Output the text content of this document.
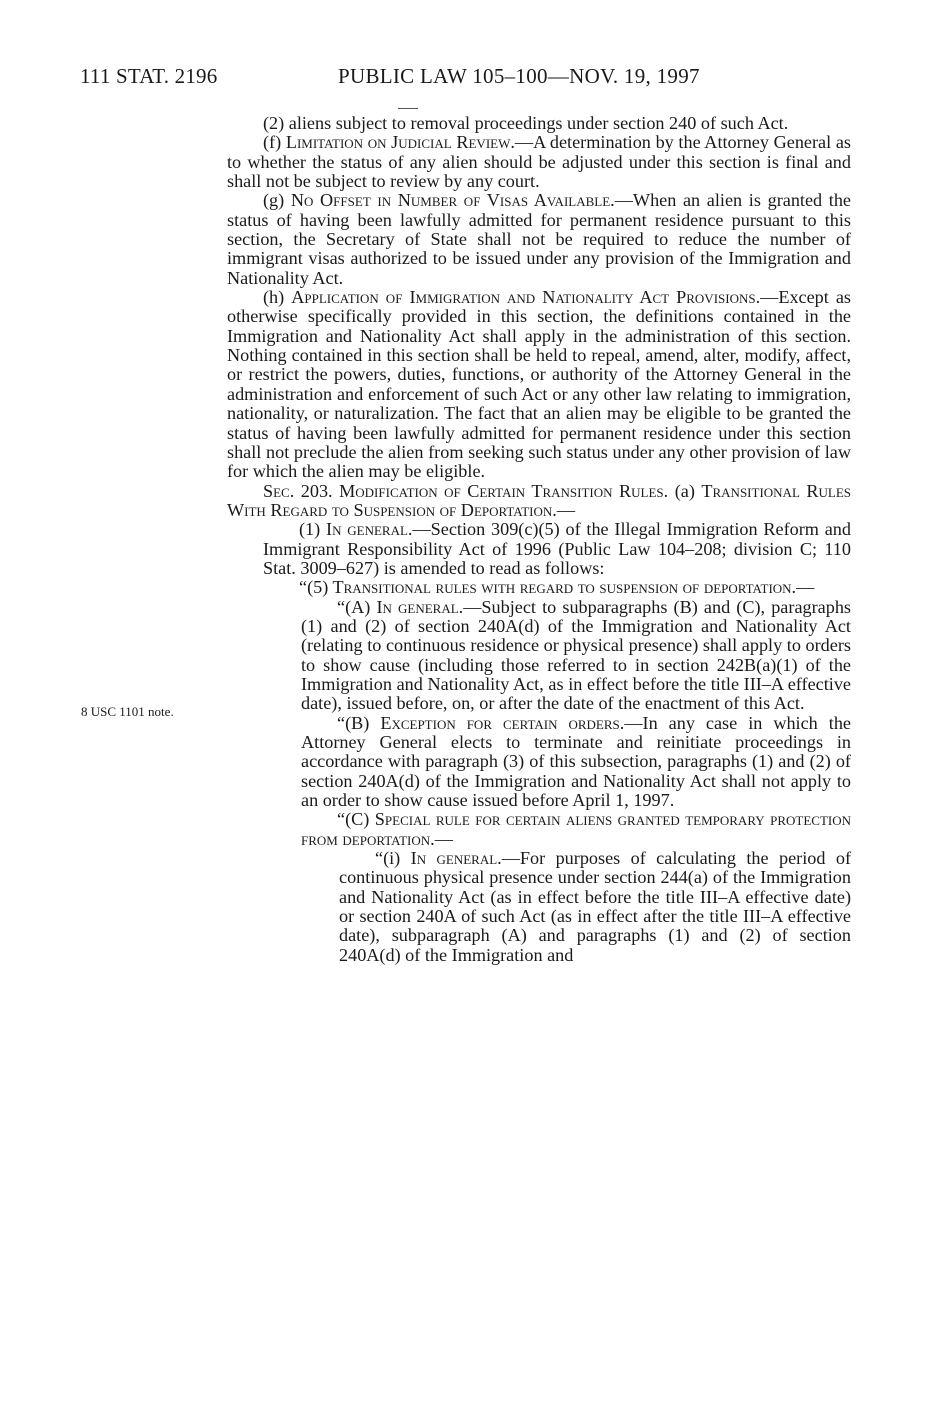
111 STAT. 2196	PUBLIC LAW 105–100—NOV. 19, 1997
8 USC 1101 note.

(2) aliens subject to removal proceedings under section 240 of such Act.

(f) Limitation on Judicial Review.—A determination by the Attorney General as to whether the status of any alien should be adjusted under this section is final and shall not be subject to review by any court.

(g) No Offset in Number of Visas Available.—When an alien is granted the status of having been lawfully admitted for permanent residence pursuant to this section, the Secretary of State shall not be required to reduce the number of immigrant visas authorized to be issued under any provision of the Immigration and Nationality Act.

(h) Application of Immigration and Nationality Act Provisions.—Except as otherwise specifically provided in this section, the definitions contained in the Immigration and Nationality Act shall apply in the administration of this section. Nothing contained in this section shall be held to repeal, amend, alter, modify, affect, or restrict the powers, duties, functions, or authority of the Attorney General in the administration and enforcement of such Act or any other law relating to immigration, nationality, or naturalization. The fact that an alien may be eligible to be granted the status of having been lawfully admitted for permanent residence under this section shall not preclude the alien from seeking such status under any other provision of law for which the alien may be eligible.

Sec. 203. Modification of Certain Transition Rules. (a) Transitional Rules With Regard to Suspension of Deportation.—

(1) In general.—Section 309(c)(5) of the Illegal Immigration Reform and Immigrant Responsibility Act of 1996 (Public Law 104–208; division C; 110 Stat. 3009–627) is amended to read as follows:

“(5) Transitional rules with regard to suspension of deportation.—

“(A) In general.—Subject to subparagraphs (B) and (C), paragraphs (1) and (2) of section 240A(d) of the Immigration and Nationality Act (relating to continuous residence or physical presence) shall apply to orders to show cause (including those referred to in section 242B(a)(1) of the Immigration and Nationality Act, as in effect before the title III–A effective date), issued before, on, or after the date of the enactment of this Act.

“(B) Exception for certain orders.—In any case in which the Attorney General elects to terminate and reinitiate proceedings in accordance with paragraph (3) of this subsection, paragraphs (1) and (2) of section 240A(d) of the Immigration and Nationality Act shall not apply to an order to show cause issued before April 1, 1997.

“(C) Special rule for certain aliens granted temporary protection from deportation.—

“(i) In general.—For purposes of calculating the period of continuous physical presence under section 244(a) of the Immigration and Nationality Act (as in effect before the title III–A effective date) or section 240A of such Act (as in effect after the title III–A effective date), subparagraph (A) and paragraphs (1) and (2) of section 240A(d) of the Immigration and
